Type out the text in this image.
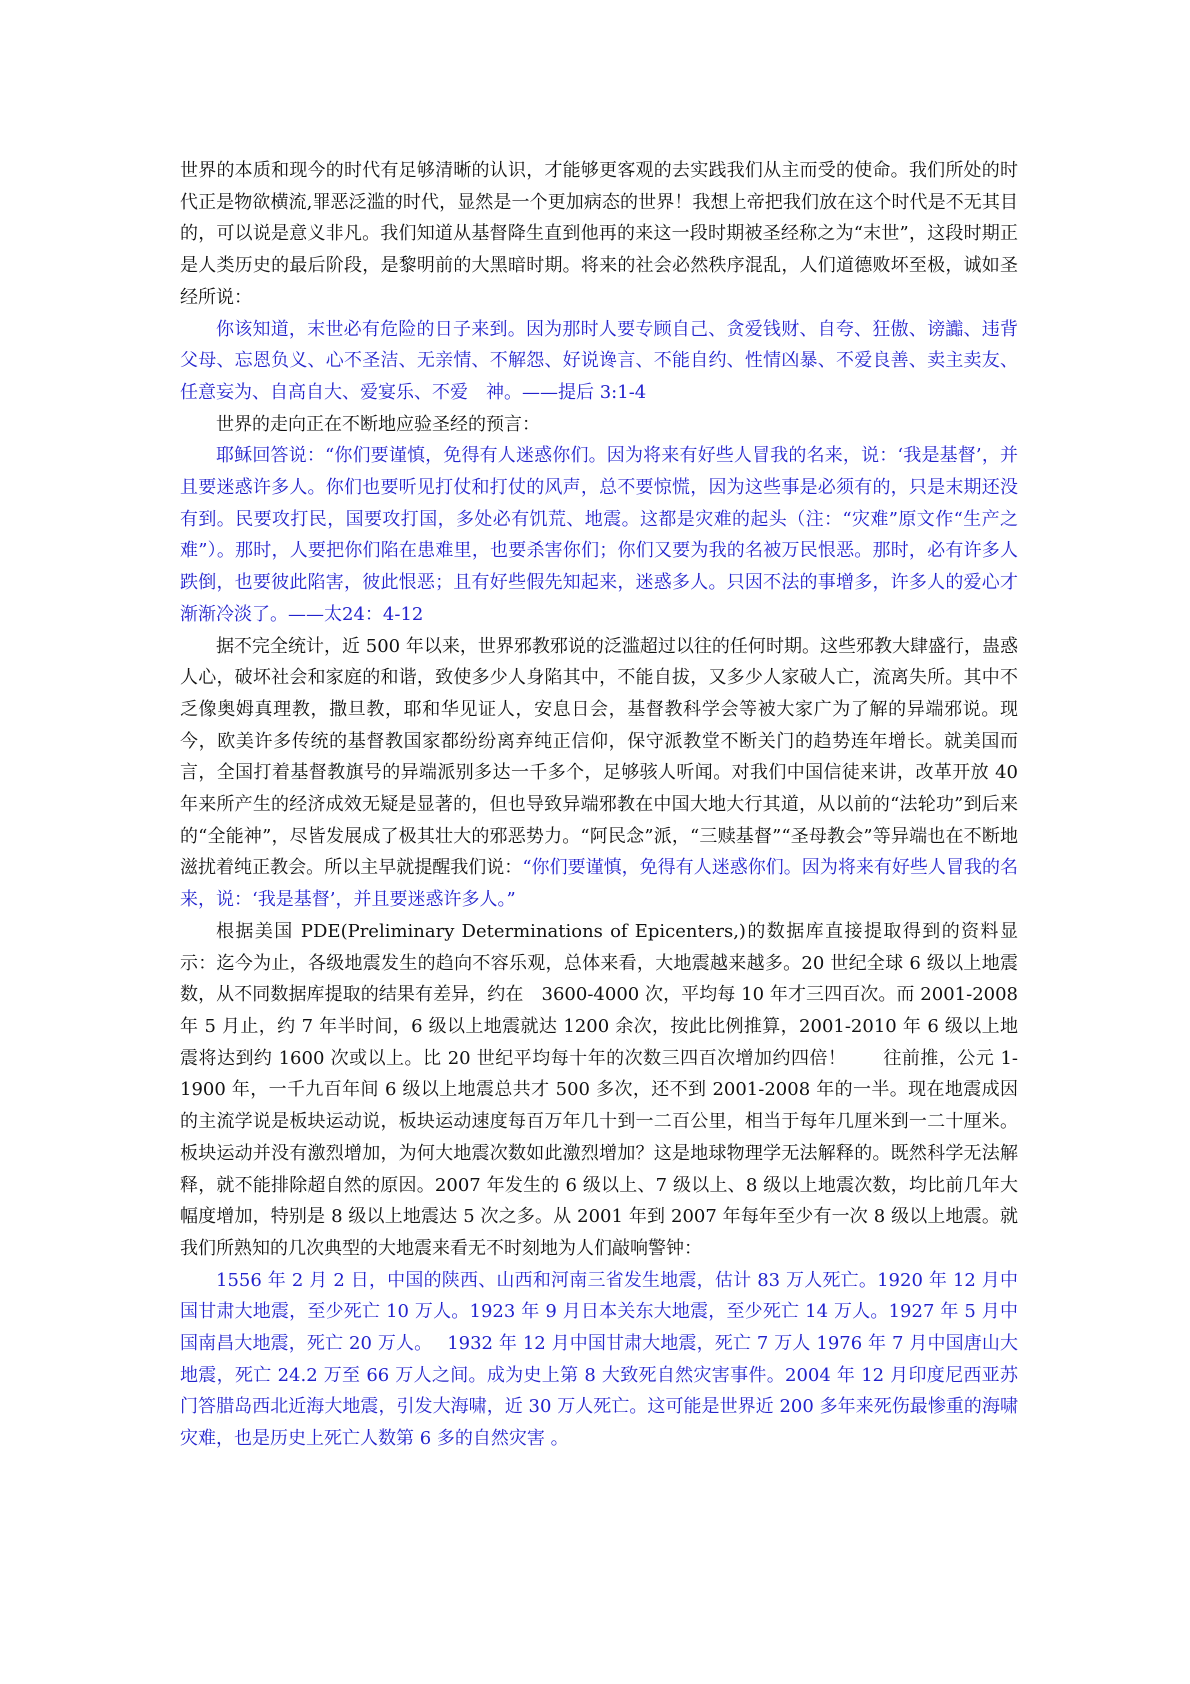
世界的本质和现今的时代有足够清晰的认识，才能够更客观的去实践我们从主而受的使命。我们所处的时代正是物欲横流,罪恶泛滥的时代，显然是一个更加病态的世界！我想上帝把我们放在这个时代是不无其目的，可以说是意义非凡。我们知道从基督降生直到他再的来这一段时期被圣经称之为“末世”，这段时期正是人类历史的最后阶段，是黎明前的大黑暗时期。将来的社会必然秩序混乱，人们道德败坏至极，诚如圣经所说：

你该知道，末世必有危险的日子来到。因为那时人要专顾自己、贪爱钱财、自夸、狂傲、谤讟、违背父母、忘恩负义、心不圣洁、无亲情、不解怨、好说谗言、不能自约、性情凶暴、不爱良善、卖主卖友、任意妄为、自高自大、爱宴乐、不爱　神。——提后 3:1-4

世界的走向正在不断地应验圣经的预言：

耶稣回答说：“你们要谨慎，免得有人迷惑你们。因为将来有好些人冒我的名来，说：‘我是基督’，并且要迷惑许多人。你们也要听见打仗和打仗的风声，总不要惊慌，因为这些事是必须有的，只是末期还没有到。民要攻打民，国要攻打国，多处必有饥荒、地震。这都是灾难的起头（注：“灾难”原文作“生产之难”）。那时，人要把你们陷在患难里，也要杀害你们；你们又要为我的名被万民恨恶。那时，必有许多人跌倒，也要彼此陷害，彼此恨恶；且有好些假先知起来，迷惑多人。只因不法的事增多，许多人的爱心才渐渐冷淡了。——太24：4-12

据不完全统计，近 500 年以来，世界邪教邪说的泛滥超过以往的任何时期。这些邪教大肆盛行，蛊惑人心，破坏社会和家庭的和谐，致使多少人身陷其中，不能自拔，又多少人家破人亡，流离失所。其中不乏像奥姆真理教，撒旦教，耶和华见证人，安息日会，基督教科学会等被大家广为了解的异端邪说。现今，欧美许多传统的基督教国家都纷纷离弃纯正信仰，保守派教堂不断关门的趋势连年增长。就美国而言，全国打着基督教旗号的异端派别多达一千多个，足够骇人听闻。对我们中国信徒来讲，改革开放 40 年来所产生的经济成效无疑是显著的，但也导致异端邪教在中国大地大行其道，从以前的“法轮功”到后来的“全能神”，尽皆发展成了极其壮大的邪恶势力。“阿民念”派，“三赎基督”“圣母教会”等异端也在不断地滋扰着纯正教会。所以主早就提醒我们说：“你们要谨慎，免得有人迷惑你们。因为将来有好些人冒我的名来，说：‘我是基督’，并且要迷惑许多人。”

根据美国 PDE(Preliminary Determinations of Epicenters,)的数据库直接提取得到的资料显示：迄今为止，各级地震发生的趋向不容乐观，总体来看，大地震越来越多。20 世纪全球 6 级以上地震数，从不同数据库提取的结果有差异，约在　3600-4000 次，平均每 10 年才三四百次。而 2001-2008 年 5 月止，约 7 年半时间，6 级以上地震就达 1200 余次，按此比例推算，2001-2010 年 6 级以上地震将达到约 1600 次或以上。比 20 世纪平均每十年的次数三四百次增加约四倍！　　往前推，公元 1-1900 年，一千九百年间 6 级以上地震总共才 500 多次，还不到 2001-2008 年的一半。现在地震成因的主流学说是板块运动说，板块运动速度每百万年几十到一二百公里，相当于每年几厘米到一二十厘米。板块运动并没有激烈增加，为何大地震次数如此激烈增加？这是地球物理学无法解释的。既然科学无法解释，就不能排除超自然的原因。2007 年发生的 6 级以上、7 级以上、8 级以上地震次数，均比前几年大幅度增加，特别是 8 级以上地震达 5 次之多。从 2001 年到 2007 年每年至少有一次 8 级以上地震。就我们所熟知的几次典型的大地震来看无不时刻地为人们敲响警钟：

1556 年 2 月 2 日，中国的陕西、山西和河南三省发生地震，估计 83 万人死亡。1920 年 12 月中国甘肃大地震，至少死亡 10 万人。1923 年 9 月日本关东大地震，至少死亡 14 万人。1927 年 5 月中国南昌大地震，死亡 20 万人。　 1932 年 12 月中国甘肃大地震，死亡 7 万人 1976 年 7 月中国唐山大地震，死亡 24.2 万至 66 万人之间。成为史上第 8 大致死自然灾害事件。2004 年 12 月印度尼西亚苏门答腊岛西北近海大地震，引发大海啸，近 30 万人死亡。这可能是世界近 200 多年来死伤最惨重的海啸灾难，也是历史上死亡人数第 6 多的自然灾害 。
